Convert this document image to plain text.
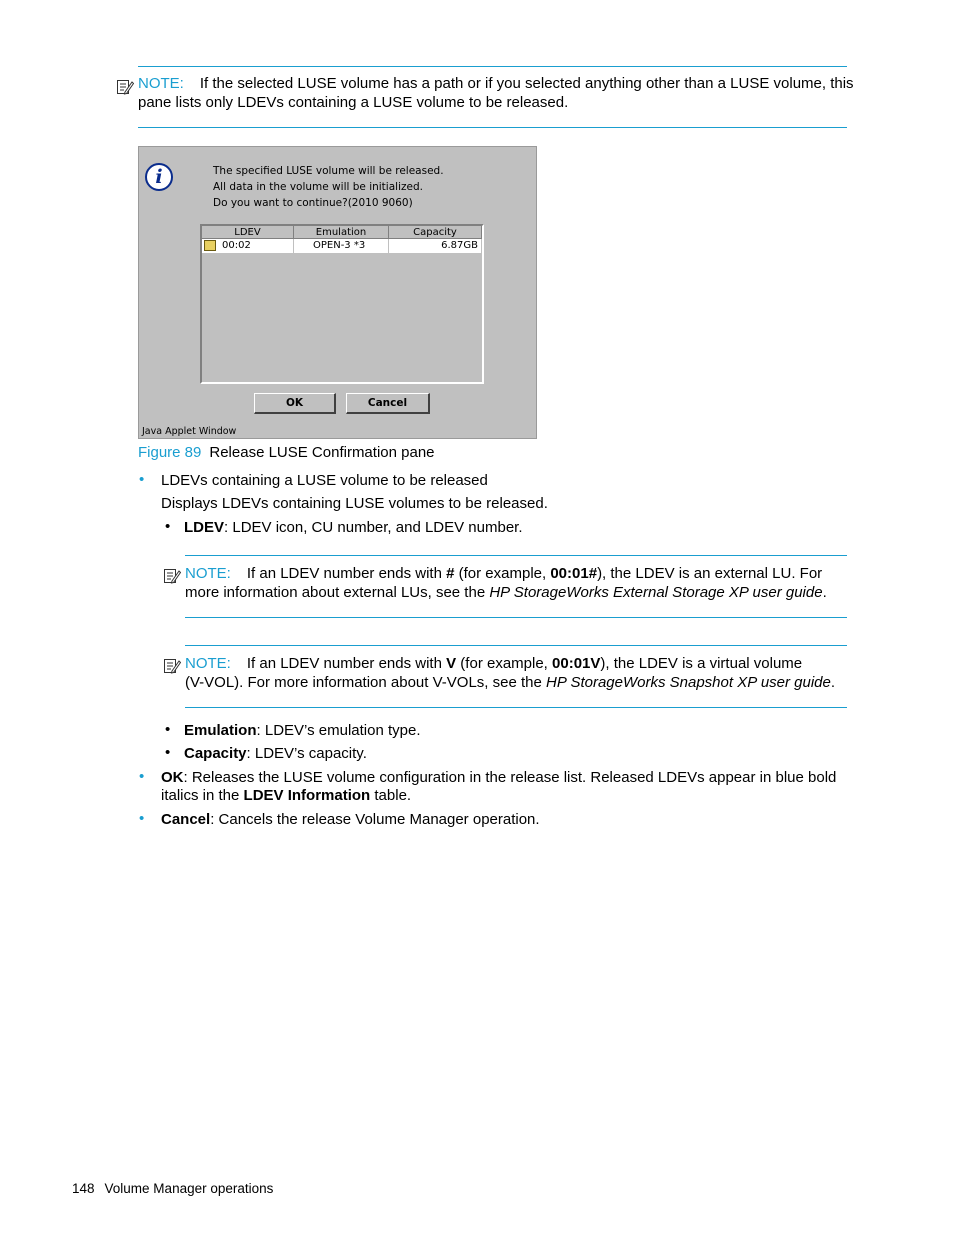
NOTE: If the selected LUSE volume has a path or if you selected anything other than a LUSE volume, this
pane lists only LDEVs containing a LUSE volume to be released.
i	The specified LUSE volume will be released.
All data in the volume will be initialized.
Do you want to continue?(2010 9060)
LDEV	Emulation	Capacity
00:02	OPEN-3 *3	6.87GB
OK	Cancel
Java Applet Window
Figure 89 Release LUSE Confirmation pane
• LDEVs containing a LUSE volume to be released
Displays LDEVs containing LUSE volumes to be released.
• LDEV: LDEV icon, CU number, and LDEV number.
NOTE: If an LDEV number ends with # (for example, 00:01#), the LDEV is an external LU. For
more information about external LUs, see the HP StorageWorks External Storage XP user guide.
NOTE: If an LDEV number ends with V (for example, 00:01V), the LDEV is a virtual volume
(V-VOL). For more information about V-VOLs, see the HP StorageWorks Snapshot XP user guide.
• Emulation: LDEV’s emulation type.
• Capacity: LDEV’s capacity.
• OK: Releases the LUSE volume configuration in the release list. Released LDEVs appear in blue bold
italics in the LDEV Information table.
• Cancel: Cancels the release Volume Manager operation.
148 Volume Manager operations
